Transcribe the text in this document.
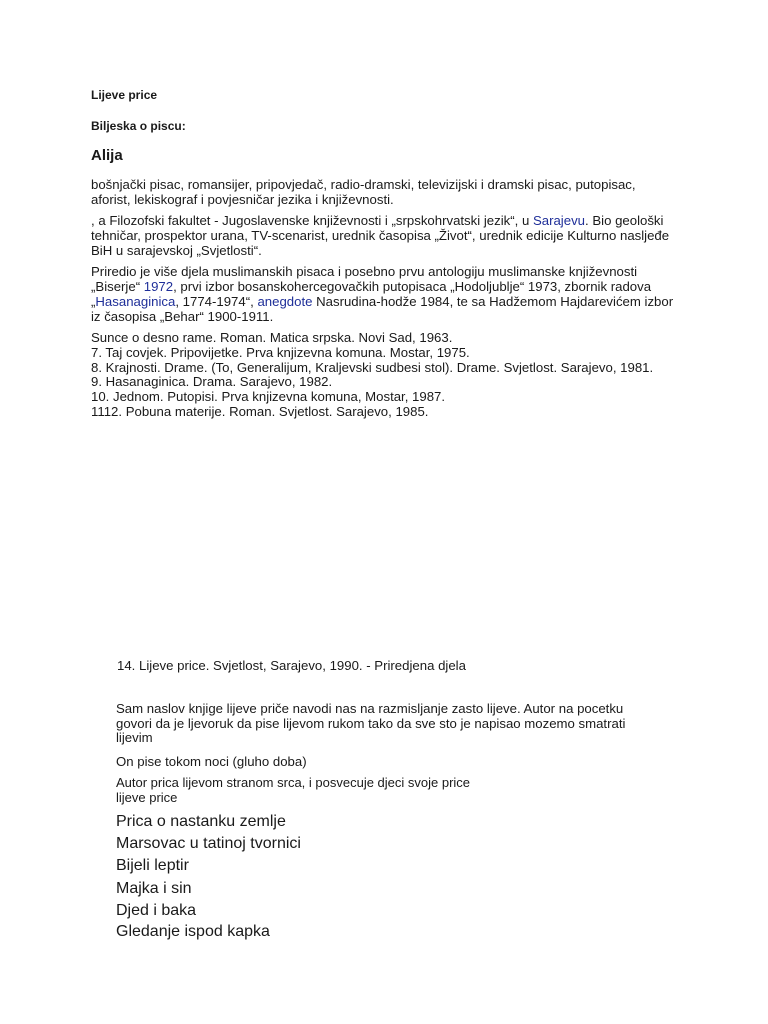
Lijeve price
Biljeska o piscu:
Alija

bošnjački pisac, romansijer, pripovjedač, radio-dramski, televizijski i dramski pisac, putopisac, aforist, lekiskograf i povjesničar jezika i književnosti.

, a Filozofski fakultet - Jugoslavenske književnosti i „srpskohrvatski jezik“, u Sarajevu. Bio geološki tehničar, prospektor urana, TV-scenarist, urednik časopisa „Život“, urednik edicije Kulturno nasljeđe BiH u sarajevskoj „Svjetlosti“.

Priredio je više djela muslimanskih pisaca i posebno prvu antologiju muslimanske književnosti „Biserje“ 1972, prvi izbor bosanskohercegovačkih putopisaca „Hodoljublje“ 1973, zbornik radova „Hasanaginica, 1774-1974“, anegdote Nasrudina-hodže 1984, te sa Hadžemom Hajdarevićem izbor iz časopisa „Behar“ 1900-1911.

Sunce o desno rame. Roman. Matica srpska. Novi Sad, 1963.
7. Taj covjek. Pripovijetke. Prva knjizevna komuna. Mostar, 1975.
8. Krajnosti. Drame. (To, Generalijum, Kraljevski sudbesi stol). Drame. Svjetlost. Sarajevo, 1981.
9. Hasanaginica. Drama. Sarajevo, 1982.
10. Jednom. Putopisi. Prva knjizevna komuna, Mostar, 1987.
1112. Pobuna materije. Roman. Svjetlost. Sarajevo, 1985.

14. Lijeve price. Svjetlost, Sarajevo, 1990. - Priredjena djela

Sam naslov knjige lijeve priče navodi nas na razmisljanje zasto lijeve. Autor na pocetku govori da je ljevoruk da pise lijevom rukom tako da sve sto je napisao mozemo smatrati lijevim

On pise tokom noci (gluho doba)

Autor prica lijevom stranom srca, i posvecuje djeci svoje price
lijeve price
Prica o nastanku zemlje
Marsovac u tatinoj tvornici
Bijeli leptir
Majka i sin
Djed i baka
Gledanje ispod kapka
